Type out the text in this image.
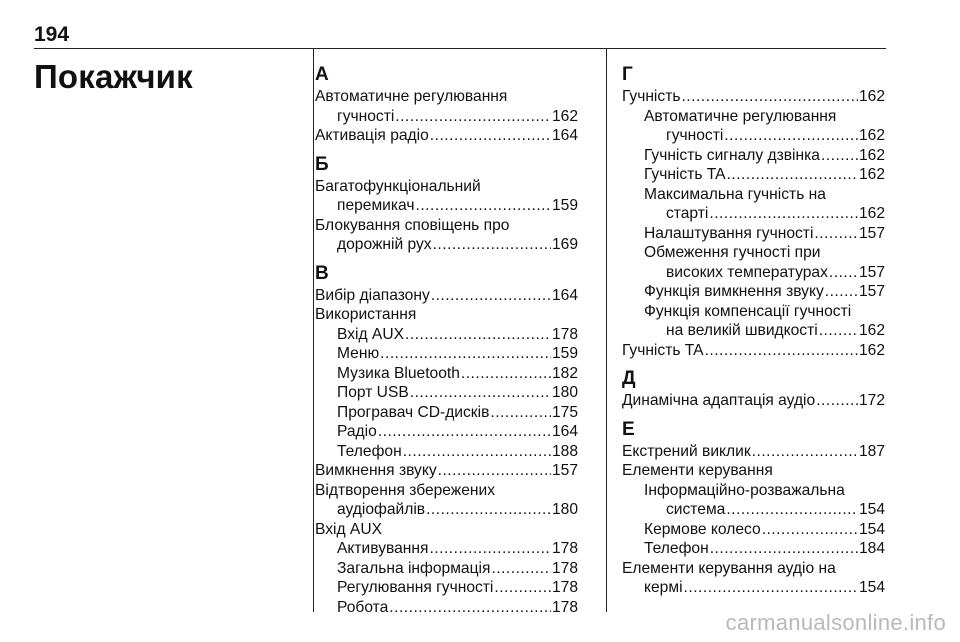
194
Покажчик	А
Автоматичне регулювання
гучності .....	162
Активація радіо .....	164
Б
Багатофункціональний
перемикач .....	159
Блокування сповіщень про
дорожній рух .....	169
В
Вибір діапазону .....	164
Використання
Вхід AUX .....	178
Меню .....	159
Музика Bluetooth .....	182
Порт USB .....	180
Програвач CD-дисків .....	175
Радіо .....	164
Телефон .....	188
Вимкнення звуку .....	157
Відтворення збережених
аудіофайлів .....	180
Вхід AUX
Активування .....	178
Загальна інформація .....	178
Регулювання гучності .....	178
Робота .....	178
Г
Гучність .....	162
Автоматичне регулювання
гучності .....	162
Гучність сигналу дзвінка .....	162
Гучність TA .....	162
Максимальна гучність на
старті .....	162
Налаштування гучності .....	157
Обмеження гучності при
високих температурах ..... 157
Функція вимкнення звуку ..... 157
Функція компенсації гучності
на великій швидкості .....	162
Гучність TA .....	162
Д
Динамічна адаптація аудіо .....	172
Е
Екстрений виклик .....	187
Елементи керування
Інформаційно-розважальна
система .....	154
Кермове колесо .....	154
Телефон .....	184
Елементи керування аудіо на
кермі .....	154
carmanualsonline.info
